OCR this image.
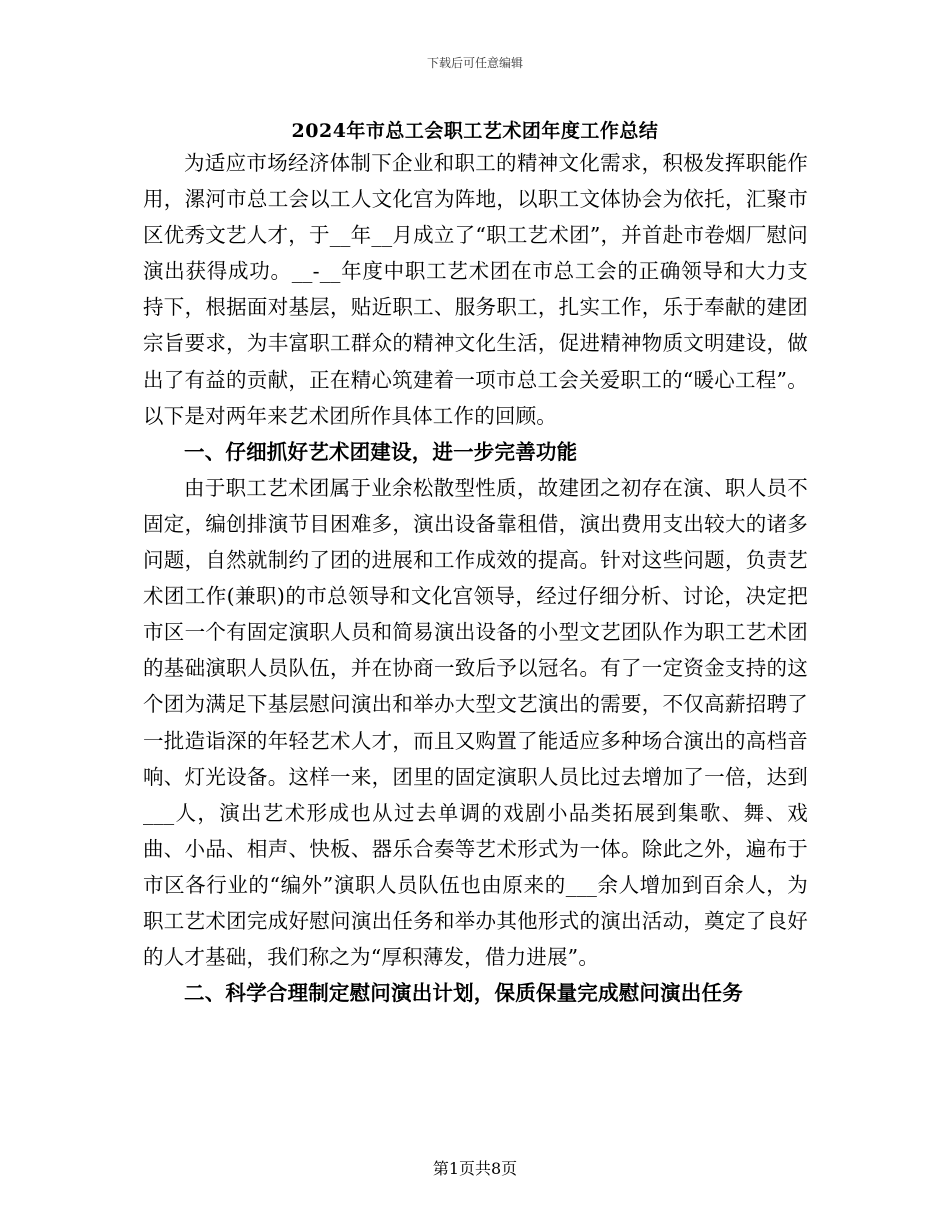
下载后可任意编辑
2024年市总工会职工艺术团年度工作总结

为适应市场经济体制下企业和职工的精神文化需求，积极发挥职能作用，漯河市总工会以工人文化宫为阵地，以职工文体协会为依托，汇聚市区优秀文艺人才，于__年__月成立了“职工艺术团”，并首赴市卷烟厂慰问演出获得成功。__-__年度中职工艺术团在市总工会的正确领导和大力支持下，根据面对基层，贴近职工、服务职工，扎实工作，乐于奉献的建团宗旨要求，为丰富职工群众的精神文化生活，促进精神物质文明建设，做出了有益的贡献，正在精心筑建着一项市总工会关爱职工的“暖心工程”。以下是对两年来艺术团所作具体工作的回顾。

一、仔细抓好艺术团建设，进一步完善功能

由于职工艺术团属于业余松散型性质，故建团之初存在演、职人员不固定，编创排演节目困难多，演出设备靠租借，演出费用支出较大的诸多问题，自然就制约了团的进展和工作成效的提高。针对这些问题，负责艺术团工作(兼职)的市总领导和文化宫领导，经过仔细分析、讨论，决定把市区一个有固定演职人员和简易演出设备的小型文艺团队作为职工艺术团的基础演职人员队伍，并在协商一致后予以冠名。有了一定资金支持的这个团为满足下基层慰问演出和举办大型文艺演出的需要，不仅高薪招聘了一批造诣深的年轻艺术人才，而且又购置了能适应多种场合演出的高档音响、灯光设备。这样一来，团里的固定演职人员比过去增加了一倍，达到___人，演出艺术形成也从过去单调的戏剧小品类拓展到集歌、舞、戏曲、小品、相声、快板、器乐合奏等艺术形式为一体。除此之外，遍布于市区各行业的“编外”演职人员队伍也由原来的___余人增加到百余人，为职工艺术团完成好慰问演出任务和举办其他形式的演出活动，奠定了良好的人才基础，我们称之为“厚积薄发，借力进展”。

二、科学合理制定慰问演出计划，保质保量完成慰问演出任务

第1页共8页
